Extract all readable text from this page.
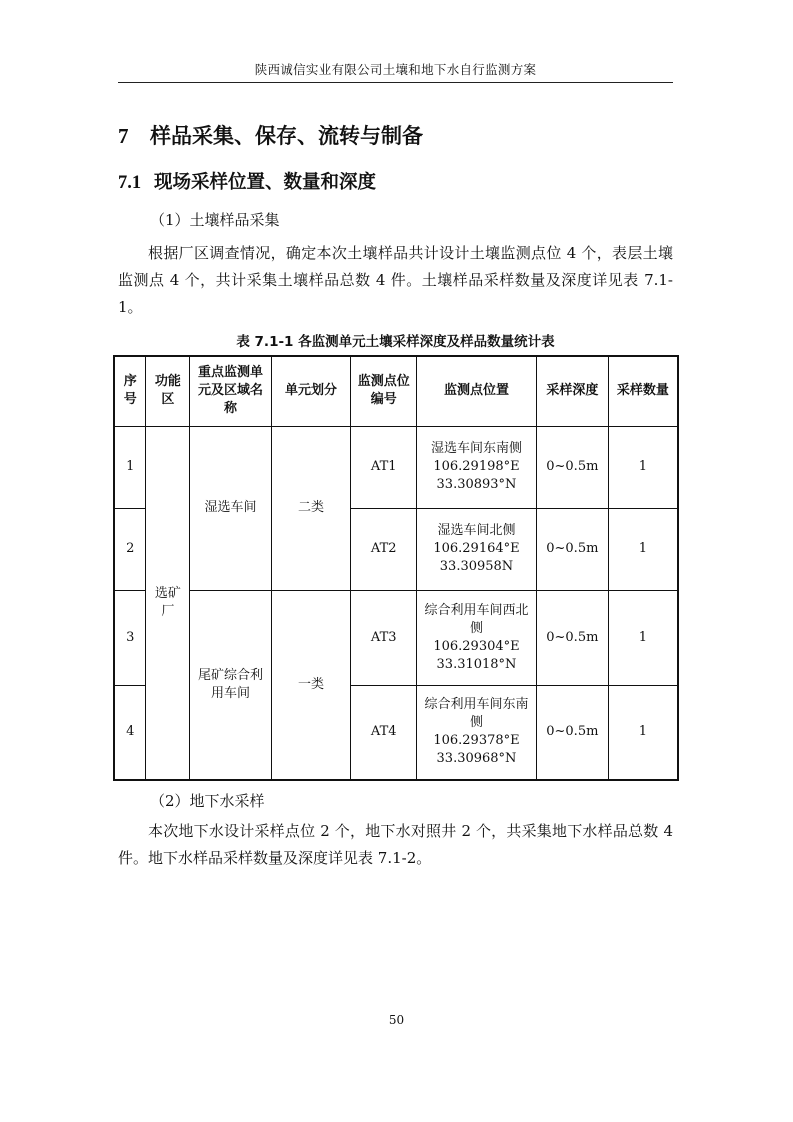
陕西诚信实业有限公司土壤和地下水自行监测方案
7 样品采集、保存、流转与制备
7.1 现场采样位置、数量和深度
（1）土壤样品采集
根据厂区调查情况，确定本次土壤样品共计设计土壤监测点位 4 个，表层土壤监测点 4 个，共计采集土壤样品总数 4 件。土壤样品采样数量及深度详见表 7.1-1。
表 7.1-1 各监测单元土壤采样深度及样品数量统计表
序号	功能区	重点监测单元及区域名称	单元划分	监测点位编号	监测点位置	采样深度	采样数量
1	选矿厂	湿选车间	二类	AT1	湿选车间东南侧
106.29198°E
33.30893°N	0~0.5m	1
2				AT2	湿选车间北侧
106.29164°E
33.30958N	0~0.5m	1
3		尾矿综合利用车间	一类	AT3	综合利用车间西北侧
106.29304°E
33.31018°N	0~0.5m	1
4				AT4	综合利用车间东南侧
106.29378°E
33.30968°N	0~0.5m	1
（2）地下水采样
本次地下水设计采样点位 2 个，地下水对照井 2 个，共采集地下水样品总数 4 件。地下水样品采样数量及深度详见表 7.1-2。
50
